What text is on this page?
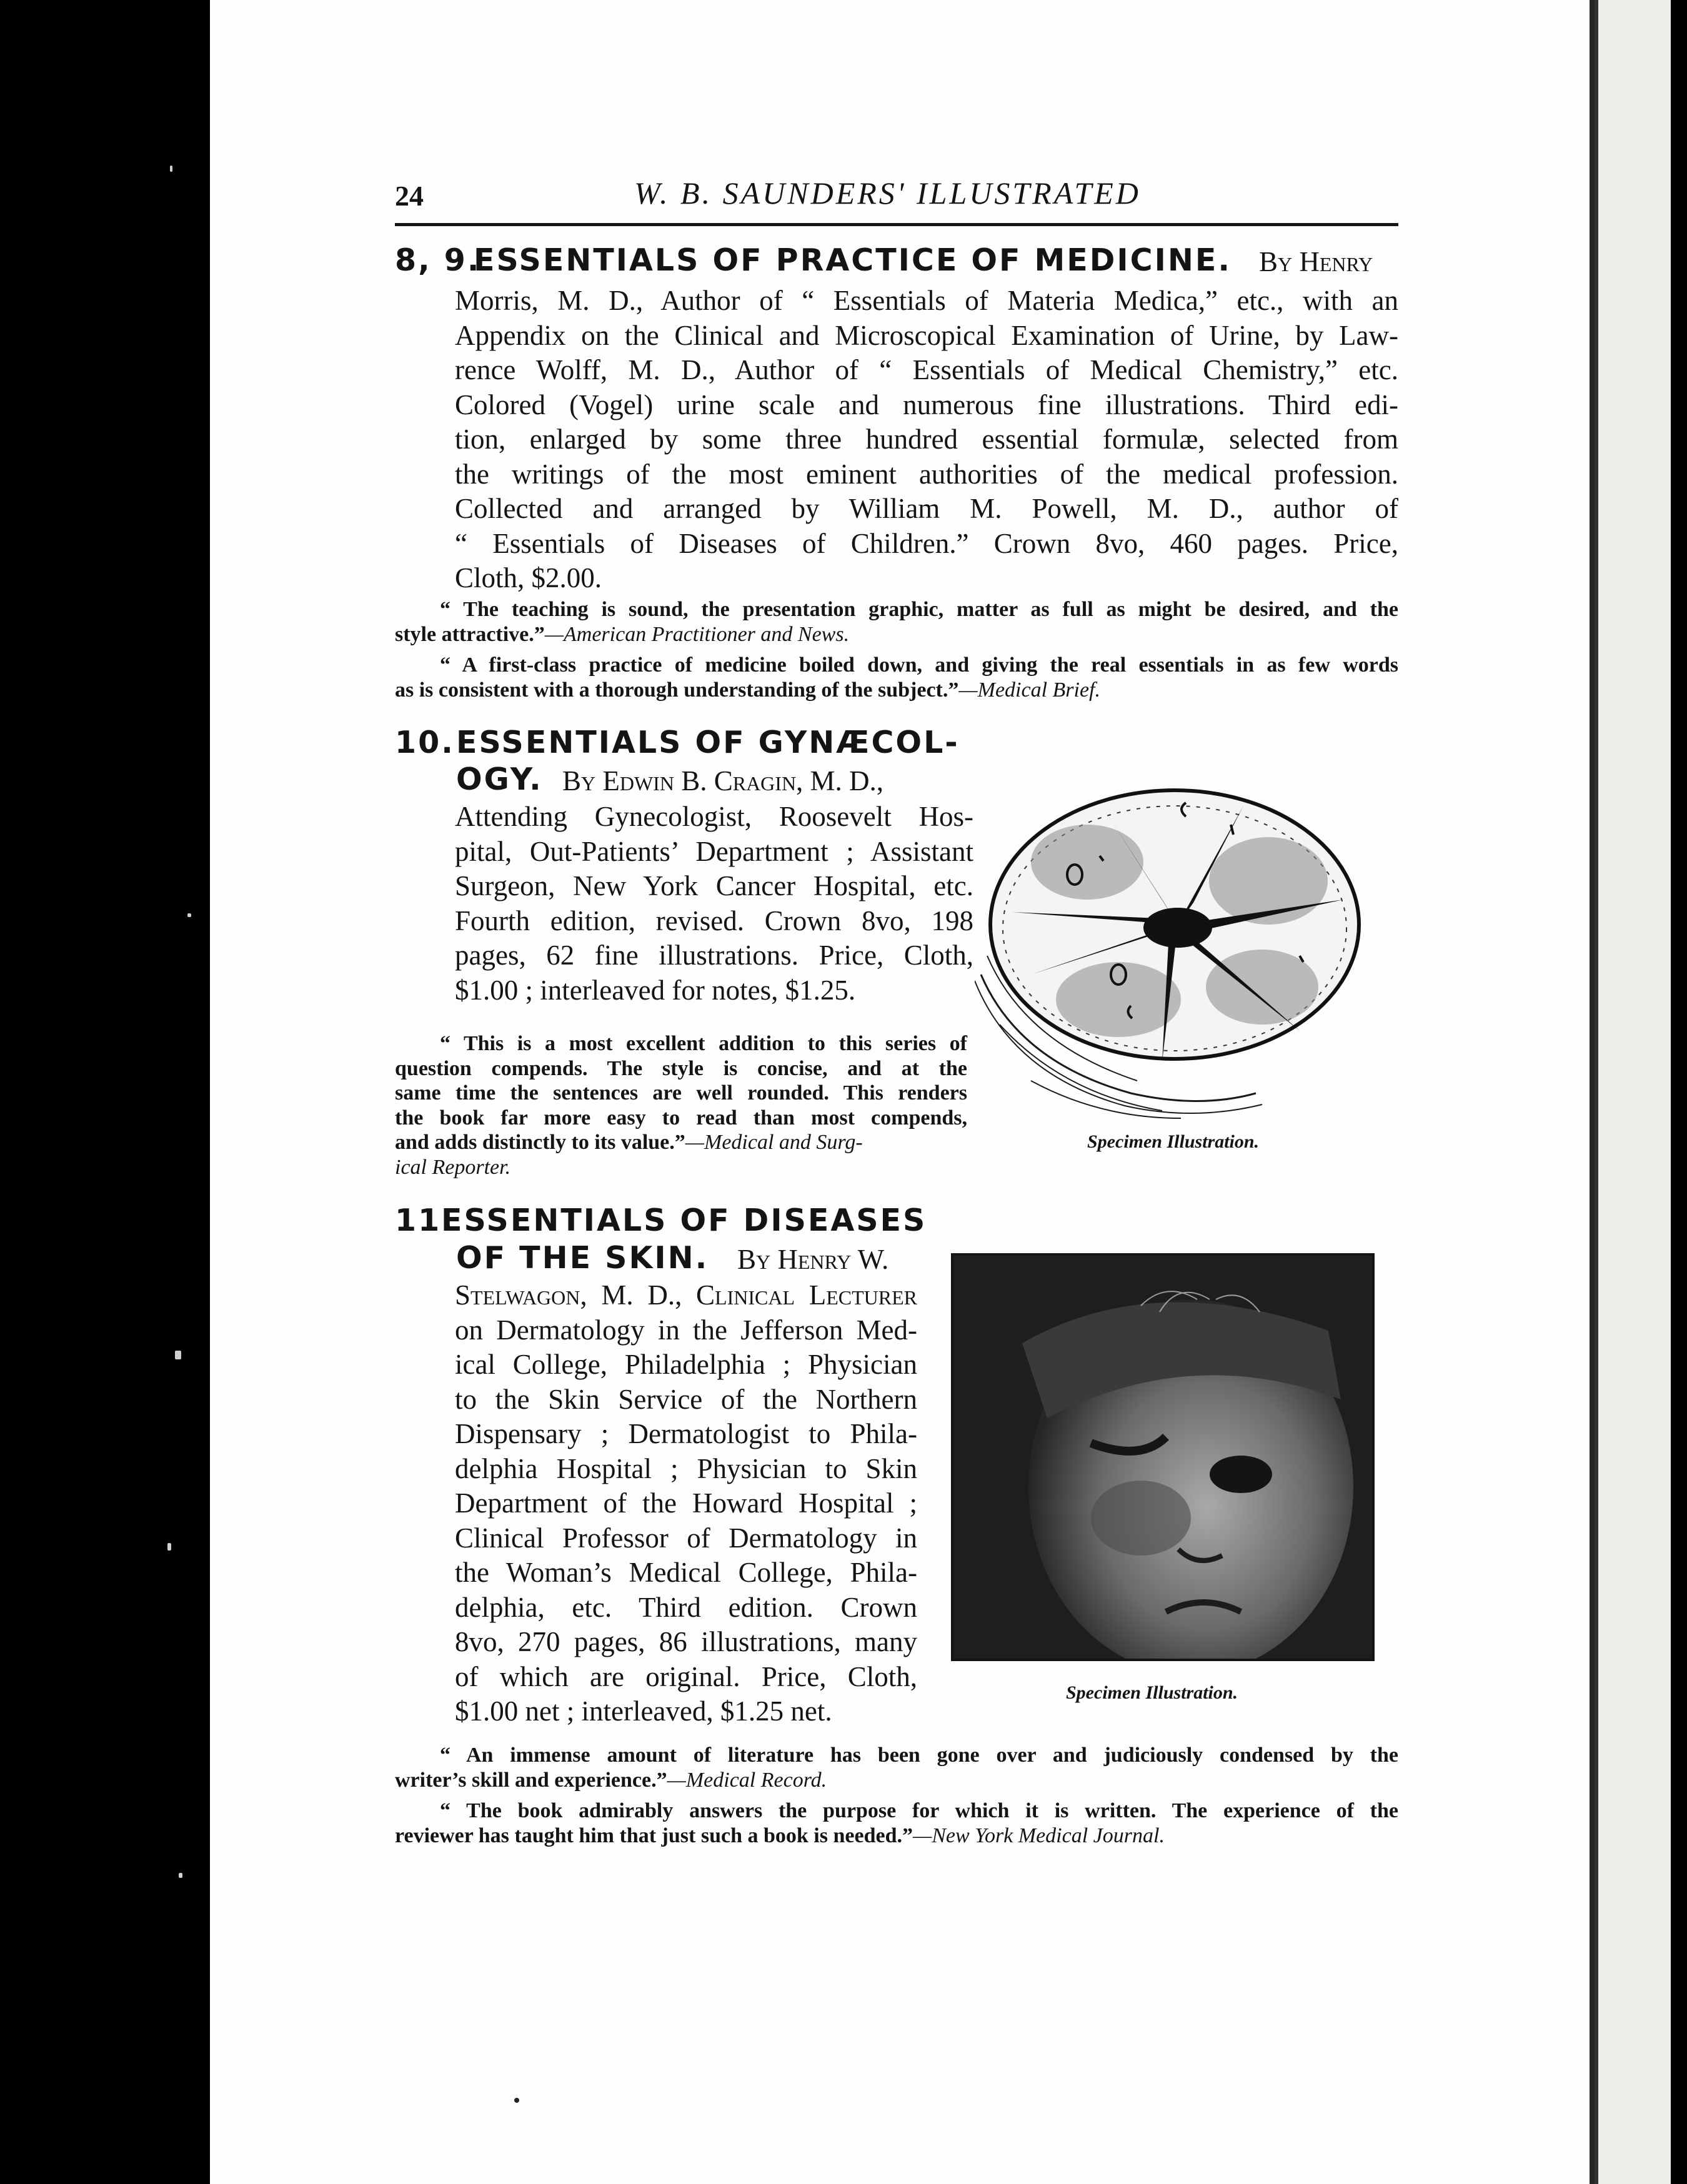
24	W. B. SAUNDERS' ILLUSTRATED
8, 9.
ESSENTIALS OF PRACTICE OF MEDICINE. By Henry
Morris, M. D., Author of “ Essentials of Materia Medica,” etc., with an
Appendix on the Clinical and Microscopical Examination of Urine, by Law-
rence Wolff, M. D., Author of “ Essentials of Medical Chemistry,” etc.
Colored (Vogel) urine scale and numerous fine illustrations. Third edi-
tion, enlarged by some three hundred essential formulæ, selected from
the writings of the most eminent authorities of the medical profession.
Collected and arranged by William M. Powell, M. D., author of
“ Essentials of Diseases of Children.” Crown 8vo, 460 pages. Price,
Cloth, $2.00.
“ The teaching is sound, the presentation graphic, matter as full as might be desired, and the
style attractive.”—American Practitioner and News.
“ A first-class practice of medicine boiled down, and giving the real essentials in as few words
as is consistent with a thorough understanding of the subject.”—Medical Brief.
10. ESSENTIALS OF GYNÆCOL-
OGY. By Edwin B. Cragin, M. D.,
Attending Gynecologist, Roosevelt Hos-
pital, Out-Patients’ Department ; Assistant
Surgeon, New York Cancer Hospital, etc.
Fourth edition, revised. Crown 8vo, 198
pages, 62 fine illustrations. Price, Cloth,
$1.00 ; interleaved for notes, $1.25.
“ This is a most excellent addition to this series of
question compends. The style is concise, and at the
same time the sentences are well rounded. This renders
the book far more easy to read than most compends,
and adds distinctly to its value.”—Medical and Surg-
ical Reporter.
Specimen Illustration.
11.
ESSENTIALS OF DISEASES
OF THE SKIN. By Henry W.
Stelwagon, M. D., Clinical Lecturer
on Dermatology in the Jefferson Med-
ical College, Philadelphia ; Physician
to the Skin Service of the Northern
Dispensary ; Dermatologist to Phila-
delphia Hospital ; Physician to Skin
Department of the Howard Hospital ;
Clinical Professor of Dermatology in
the Woman’s Medical College, Phila-
delphia, etc. Third edition. Crown
8vo, 270 pages, 86 illustrations, many
of which are original. Price, Cloth,
$1.00 net ; interleaved, $1.25 net.
Specimen Illustration.
“ An immense amount of literature has been gone over and judiciously condensed by the
writer’s skill and experience.”—Medical Record.
“ The book admirably answers the purpose for which it is written. The experience of the
reviewer has taught him that just such a book is needed.”—New York Medical Journal.
